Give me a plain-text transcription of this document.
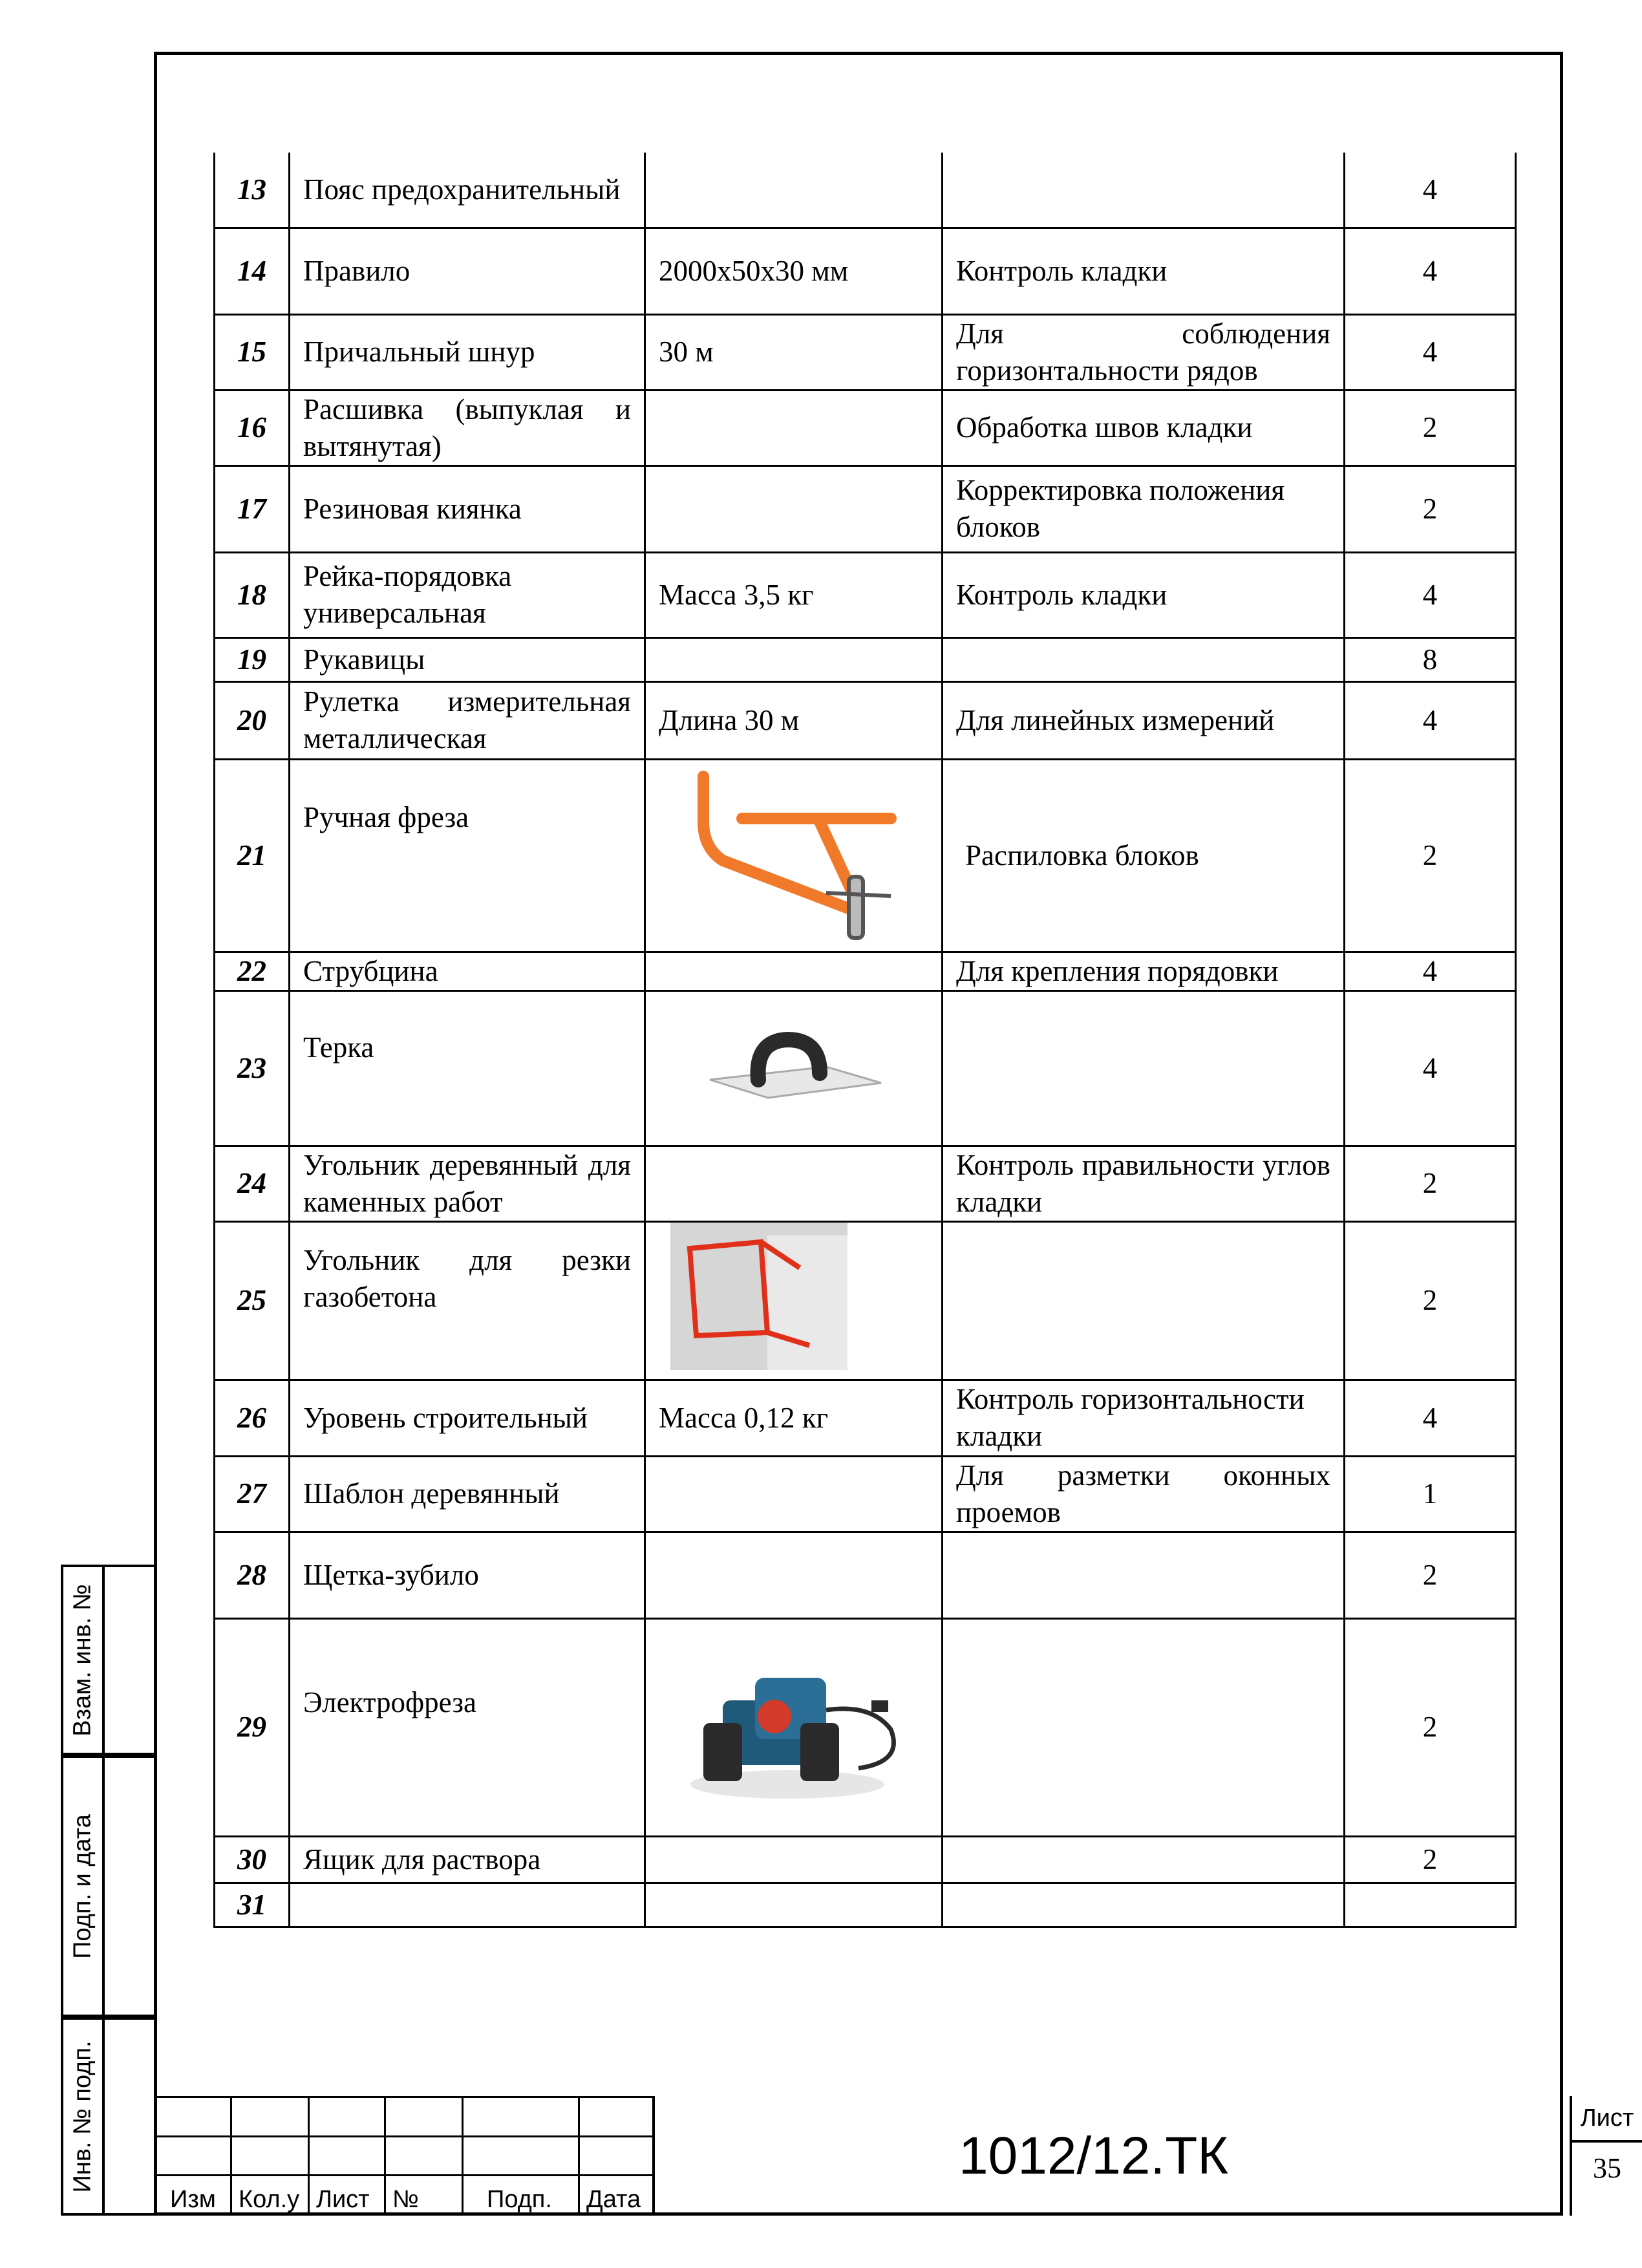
Взам. инв. №
Подп. и дата
Инв. № подп.
13	Пояс предохранительный			4
14	Правило	2000х50х30 мм	Контроль кладки	4
15	Причальный шнур	30 м	Для соблюдения горизонтальности рядов	4
16	Расшивка (выпуклая и вытянутая)		Обработка швов кладки	2
17	Резиновая киянка		Корректировка положения блоков	2
18	Рейка-порядовка универсальная	Масса 3,5 кг	Контроль кладки	4
19	Рукавицы			8
20	Рулетка измерительная металлическая	Длина 30 м	Для линейных измерений	4
21	Ручная фреза		Распиловка блоков	2
22	Струбцина		Для крепления порядовки	4
23	Терка			4
24	Угольник деревянный для каменных работ		Контроль правильности углов кладки	2
25	Угольник для резки газобетона			2
26	Уровень строительный	Масса 0,12 кг	Контроль горизонтальности кладки	4
27	Шаблон деревянный		Для разметки оконных проемов	1
28	Щетка-зубило			2
29	Электрофреза			2
30	Ящик для раствора			2
31				

Изм	Кол.у	Лист	№	Подп.	Дата
1012/12.ТК
Лист
35
